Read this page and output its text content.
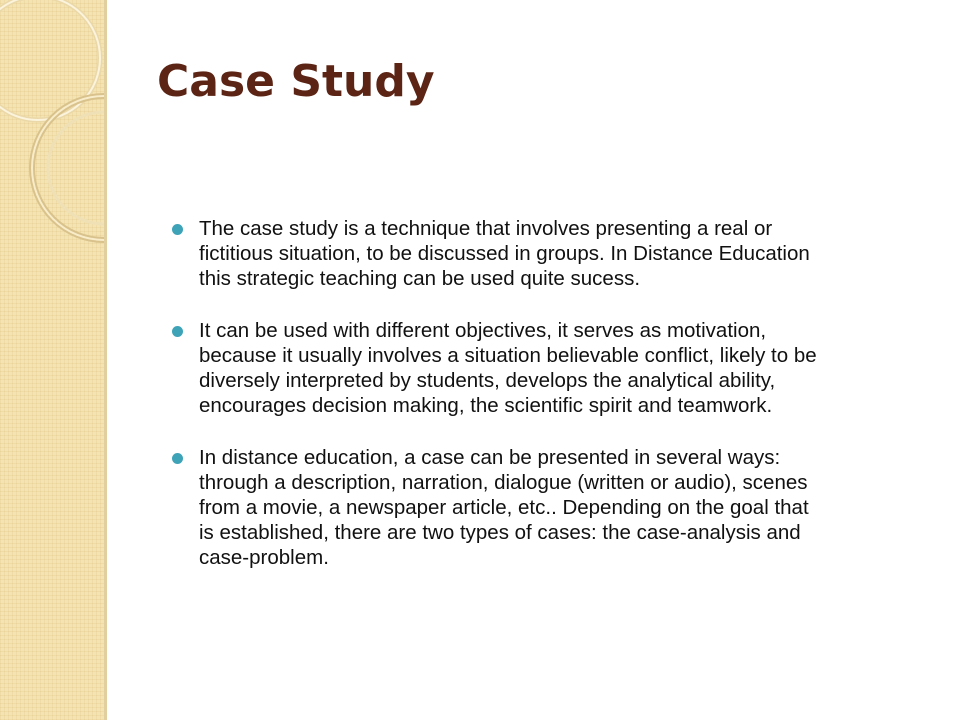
Case Study
The case study is a technique that involves presenting a real or
fictitious situation, to be discussed in groups. In Distance Education
this strategic teaching can be used quite sucess.
It can be used with different objectives, it serves as motivation,
because it usually involves a situation believable conflict, likely to be
diversely interpreted by students, develops the analytical ability,
encourages decision making, the scientific spirit and teamwork.
In distance education, a case can be presented in several ways:
through a description, narration, dialogue (written or audio), scenes
from a movie, a newspaper article, etc.. Depending on the goal that
is established, there are two types of cases: the case-analysis and
case-problem.
